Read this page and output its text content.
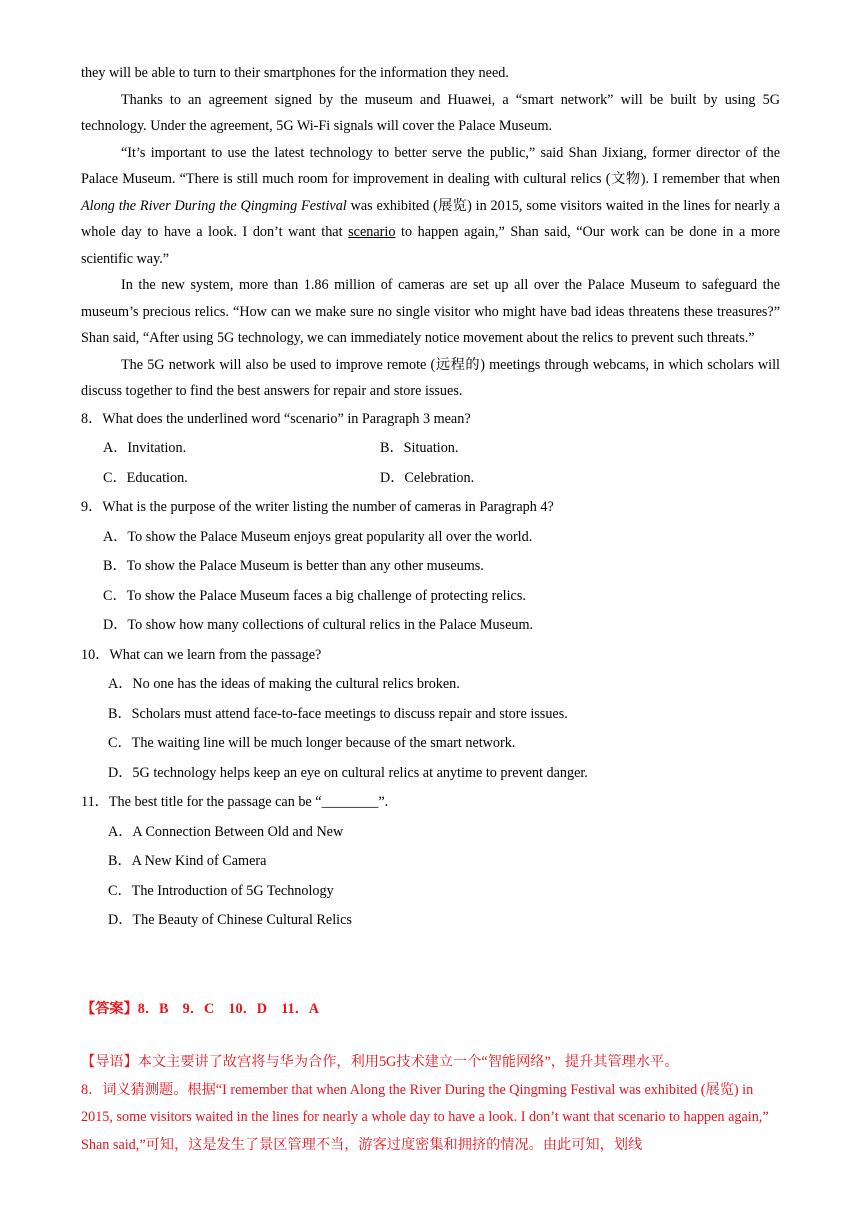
they will be able to turn to their smartphones for the information they need.

Thanks to an agreement signed by the museum and Huawei, a “smart network” will be built by using 5G technology. Under the agreement, 5G Wi-Fi signals will cover the Palace Museum.

“It’s important to use the latest technology to better serve the public,” said Shan Jixiang, former director of the Palace Museum. “There is still much room for improvement in dealing with cultural relics (文物). I remember that when Along the River During the Qingming Festival was exhibited (展览) in 2015, some visitors waited in the lines for nearly a whole day to have a look. I don’t want that scenario to happen again,” Shan said, “Our work can be done in a more scientific way.”

In the new system, more than 1.86 million of cameras are set up all over the Palace Museum to safeguard the museum’s precious relics. “How can we make sure no single visitor who might have bad ideas threatens these treasures?” Shan said, “After using 5G technology, we can immediately notice movement about the relics to prevent such threats.”

The 5G network will also be used to improve remote (远程的) meetings through webcams, in which scholars will discuss together to find the best answers for repair and store issues.

8．What does the underlined word “scenario” in Paragraph 3 mean?

A．Invitation.	B．Situation.
C．Education.	D．Celebration.

9．What is the purpose of the writer listing the number of cameras in Paragraph 4?

A．To show the Palace Museum enjoys great popularity all over the world.
B．To show the Palace Museum is better than any other museums.
C．To show the Palace Museum faces a big challenge of protecting relics.
D．To show how many collections of cultural relics in the Palace Museum.

10．What can we learn from the passage?

A．No one has the ideas of making the cultural relics broken.
B．Scholars must attend face-to-face meetings to discuss repair and store issues.
C．The waiting line will be much longer because of the smart network.
D．5G technology helps keep an eye on cultural relics at anytime to prevent danger.

11．The best title for the passage can be “________”.

A．A Connection Between Old and New
B．A New Kind of Camera
C．The Introduction of 5G Technology
D．The Beauty of Chinese Cultural Relics
【答案】8．B　9．C　10．D　11．A

【导语】本文主要讲了故宫将与华为合作，利用5G技术建立一个“智能网络”，提升其管理水平。

8．词义猜测题。根据“I remember that when Along the River During the Qingming Festival was exhibited (展览) in 2015, some visitors waited in the lines for nearly a whole day to have a look. I don’t want that scenario to happen again,” Shan said,”可知，这是发生了景区管理不当，游客过度密集和拥挤的情况。由此可知，划线
